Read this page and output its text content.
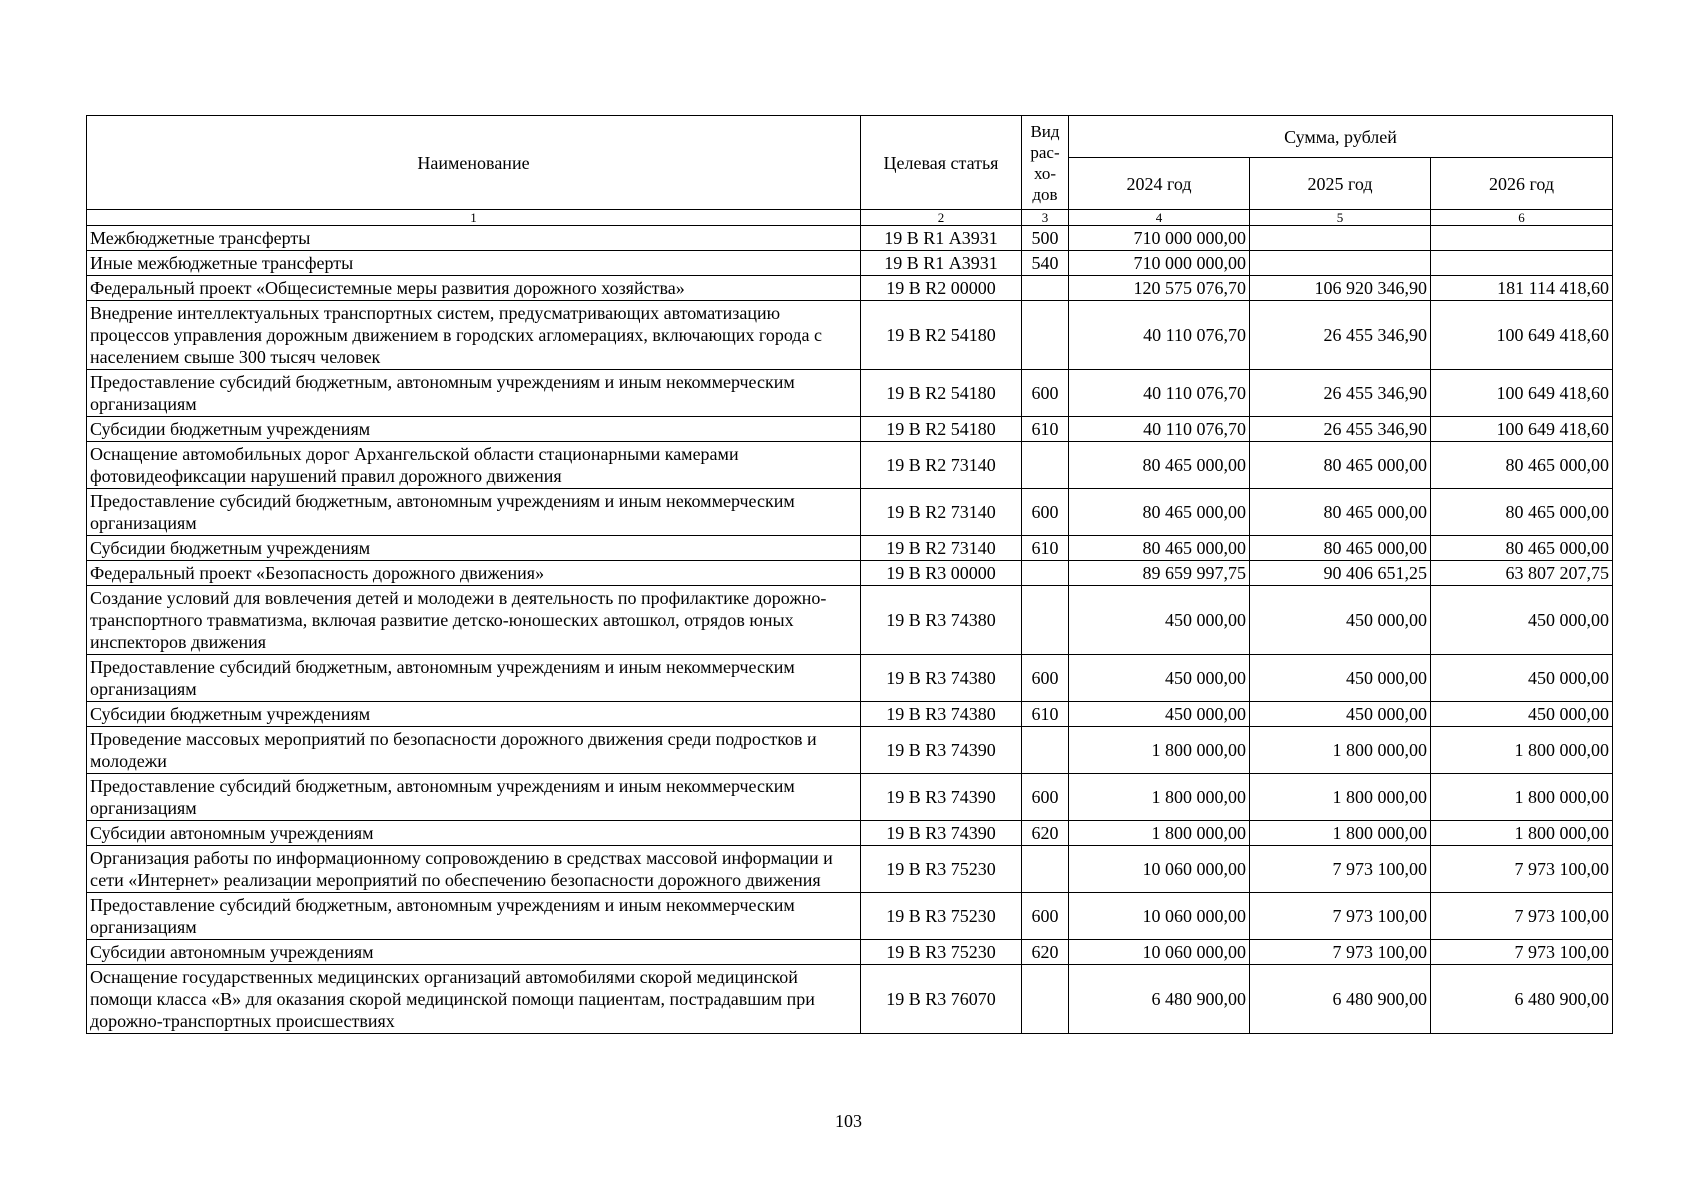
Наименование	Целевая статья	Вид рас-хо-дов	Сумма, рублей		
			2024 год	2025 год	2026 год
1	2	3	4	5	6
Межбюджетные трансферты	19 В R1 А3931	500	710 000 000,00		
Иные межбюджетные трансферты	19 В R1 А3931	540	710 000 000,00		
Федеральный проект «Общесистемные меры развития дорожного хозяйства»	19 В R2 00000		120 575 076,70	106 920 346,90	181 114 418,60
Внедрение интеллектуальных транспортных систем, предусматривающих автоматизацию процессов управления дорожным движением в городских агломерациях, включающих города с населением свыше 300 тысяч человек	19 В R2 54180		40 110 076,70	26 455 346,90	100 649 418,60
Предоставление субсидий бюджетным, автономным учреждениям и иным некоммерческим организациям	19 В R2 54180	600	40 110 076,70	26 455 346,90	100 649 418,60
Субсидии бюджетным учреждениям	19 В R2 54180	610	40 110 076,70	26 455 346,90	100 649 418,60
Оснащение автомобильных дорог Архангельской области стационарными камерами фотовидеофиксации нарушений правил дорожного движения	19 В R2 73140		80 465 000,00	80 465 000,00	80 465 000,00
Предоставление субсидий бюджетным, автономным учреждениям и иным некоммерческим организациям	19 В R2 73140	600	80 465 000,00	80 465 000,00	80 465 000,00
Субсидии бюджетным учреждениям	19 В R2 73140	610	80 465 000,00	80 465 000,00	80 465 000,00
Федеральный проект «Безопасность дорожного движения»	19 В R3 00000		89 659 997,75	90 406 651,25	63 807 207,75
Создание условий для вовлечения детей и молодежи в деятельность по профилактике дорожно-транспортного травматизма, включая развитие детско-юношеских автошкол, отрядов юных инспекторов движения	19 В R3 74380		450 000,00	450 000,00	450 000,00
Предоставление субсидий бюджетным, автономным учреждениям и иным некоммерческим организациям	19 В R3 74380	600	450 000,00	450 000,00	450 000,00
Субсидии бюджетным учреждениям	19 В R3 74380	610	450 000,00	450 000,00	450 000,00
Проведение массовых мероприятий по безопасности дорожного движения среди подростков и молодежи	19 В R3 74390		1 800 000,00	1 800 000,00	1 800 000,00
Предоставление субсидий бюджетным, автономным учреждениям и иным некоммерческим организациям	19 В R3 74390	600	1 800 000,00	1 800 000,00	1 800 000,00
Субсидии автономным учреждениям	19 В R3 74390	620	1 800 000,00	1 800 000,00	1 800 000,00
Организация работы по информационному сопровождению в средствах массовой информации и сети «Интернет» реализации мероприятий по обеспечению безопасности дорожного движения	19 В R3 75230		10 060 000,00	7 973 100,00	7 973 100,00
Предоставление субсидий бюджетным, автономным учреждениям и иным некоммерческим организациям	19 В R3 75230	600	10 060 000,00	7 973 100,00	7 973 100,00
Субсидии автономным учреждениям	19 В R3 75230	620	10 060 000,00	7 973 100,00	7 973 100,00
Оснащение государственных медицинских организаций автомобилями скорой медицинской помощи класса «В» для оказания скорой медицинской помощи пациентам, пострадавшим при дорожно-транспортных происшествиях	19 В R3 76070		6 480 900,00	6 480 900,00	6 480 900,00
103
